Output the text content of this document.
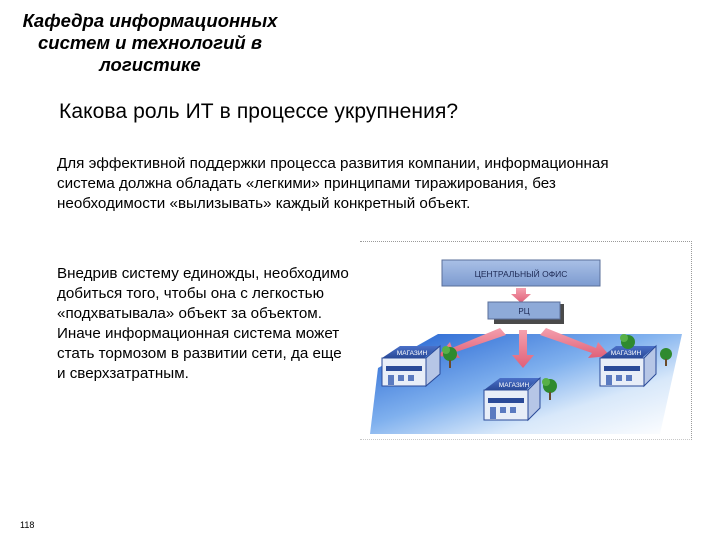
Кафедра информационных
систем и технологий в
логистике
Какова роль ИТ в процессе укрупнения?
Для эффективной поддержки процесса развития компании, информационная система должна обладать «легкими» принципами тиражирования, без необходимости «вылизывать» каждый конкретный объект.
Внедрив систему единожды, необходимо добиться того, чтобы она с легкостью «подхватывала» объект за объектом. Иначе информационная система может стать тормозом в развитии сети, да еще и сверхзатратным.
ЦЕНТРАЛЬНЫЙ ОФИС
РЦ
МАГАЗИН
МАГАЗИН
МАГАЗИН
118
